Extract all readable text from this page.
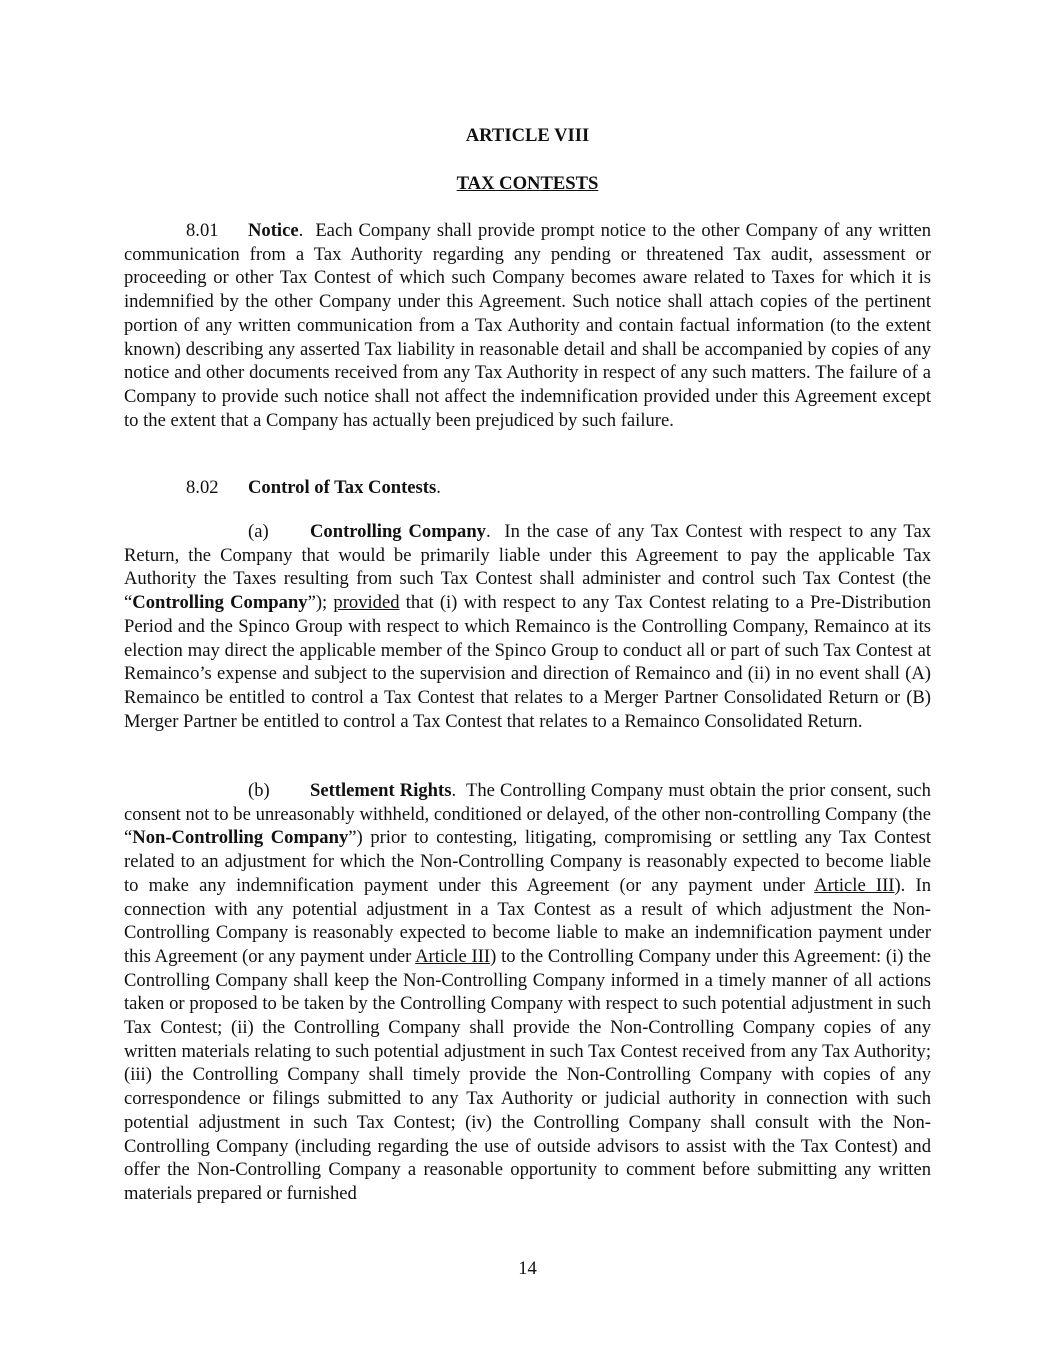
ARTICLE VIII

TAX CONTESTS

8.01 Notice. Each Company shall provide prompt notice to the other Company of any written communication from a Tax Authority regarding any pending or threatened Tax audit, assessment or proceeding or other Tax Contest of which such Company becomes aware related to Taxes for which it is indemnified by the other Company under this Agreement. Such notice shall attach copies of the pertinent portion of any written communication from a Tax Authority and contain factual information (to the extent known) describing any asserted Tax liability in reasonable detail and shall be accompanied by copies of any notice and other documents received from any Tax Authority in respect of any such matters. The failure of a Company to provide such notice shall not affect the indemnification provided under this Agreement except to the extent that a Company has actually been prejudiced by such failure.

8.02 Control of Tax Contests.

(a) Controlling Company. In the case of any Tax Contest with respect to any Tax Return, the Company that would be primarily liable under this Agreement to pay the applicable Tax Authority the Taxes resulting from such Tax Contest shall administer and control such Tax Contest (the “Controlling Company”); provided that (i) with respect to any Tax Contest relating to a Pre-Distribution Period and the Spinco Group with respect to which Remainco is the Controlling Company, Remainco at its election may direct the applicable member of the Spinco Group to conduct all or part of such Tax Contest at Remainco’s expense and subject to the supervision and direction of Remainco and (ii) in no event shall (A) Remainco be entitled to control a Tax Contest that relates to a Merger Partner Consolidated Return or (B) Merger Partner be entitled to control a Tax Contest that relates to a Remainco Consolidated Return.

(b) Settlement Rights.  The Controlling Company must obtain the prior consent, such consent not to be unreasonably withheld, conditioned or delayed, of the other non-controlling Company (the “Non-Controlling Company”) prior to contesting, litigating, compromising or settling any Tax Contest related to an adjustment for which the Non-Controlling Company is reasonably expected to become liable to make any indemnification payment under this Agreement (or any payment under Article III). In connection with any potential adjustment in a Tax Contest as a result of which adjustment the Non-Controlling Company is reasonably expected to become liable to make an indemnification payment under this Agreement (or any payment under Article III) to the Controlling Company under this Agreement: (i) the Controlling Company shall keep the Non-Controlling Company informed in a timely manner of all actions taken or proposed to be taken by the Controlling Company with respect to such potential adjustment in such Tax Contest; (ii) the Controlling Company shall provide the Non-Controlling Company copies of any written materials relating to such potential adjustment in such Tax Contest received from any Tax Authority; (iii) the Controlling Company shall timely provide the Non-Controlling Company with copies of any correspondence or filings submitted to any Tax Authority or judicial authority in connection with such potential adjustment in such Tax Contest; (iv) the Controlling Company shall consult with the Non-Controlling Company (including regarding the use of outside advisors to assist with the Tax Contest) and offer the Non-Controlling Company a reasonable opportunity to comment before submitting any written materials prepared or furnished

14
